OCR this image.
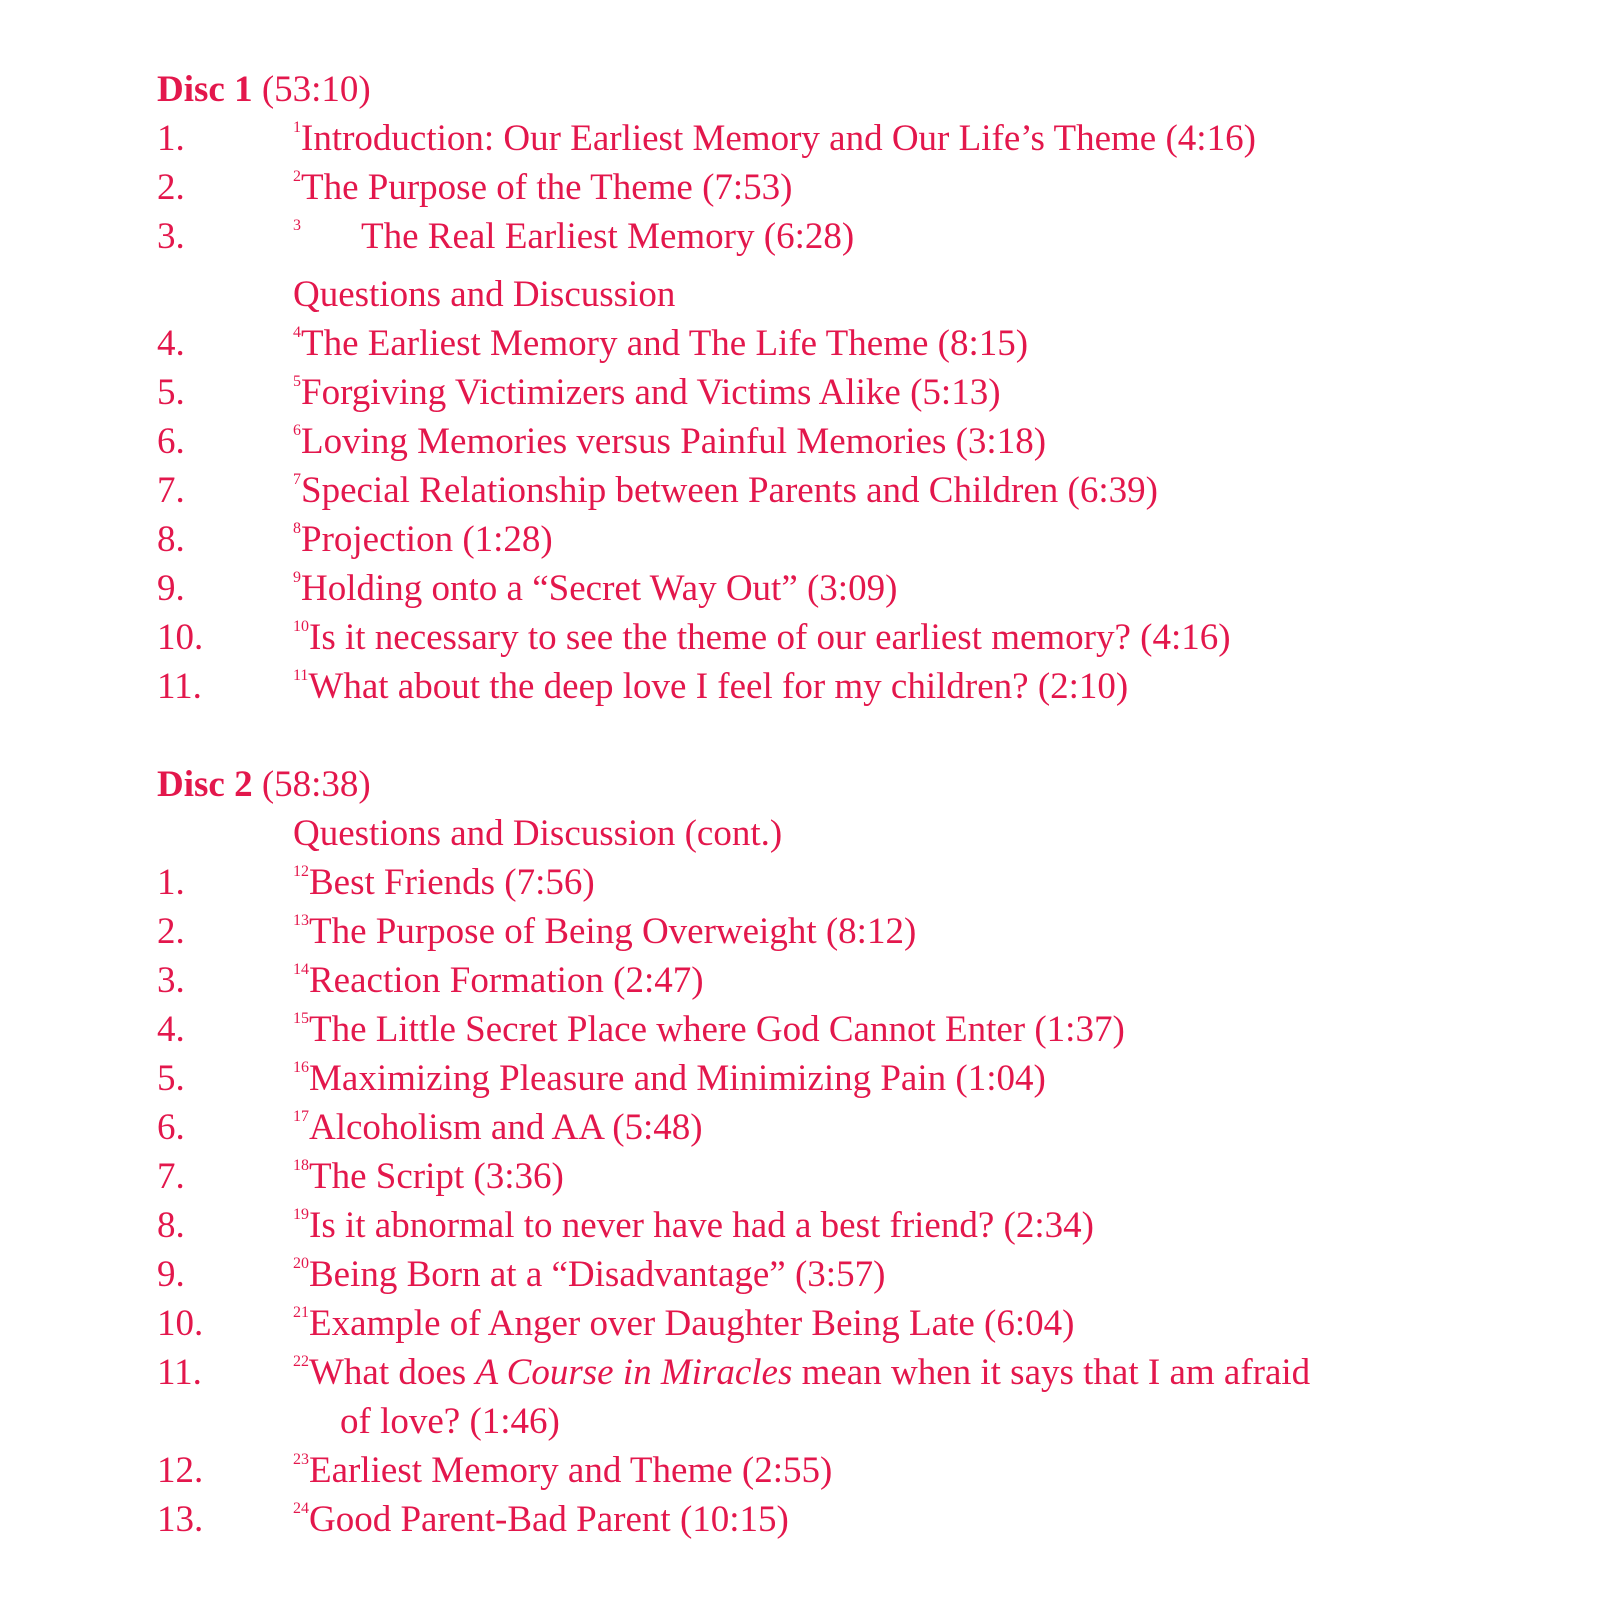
Disc 1 (53:10)
1.	$^1$Introduction: Our Earliest Memory and Our Life’s Theme (4:16)
2.	$^2$The Purpose of the Theme (7:53)
3.	$^3$ The Real Earliest Memory (6:28)
Questions and Discussion
4.	$^4$The Earliest Memory and The Life Theme (8:15)
5.	$^5$Forgiving Victimizers and Victims Alike (5:13)
6.	$^6$Loving Memories versus Painful Memories (3:18)
7.	$^7$Special Relationship between Parents and Children (6:39)
8.	$^8$Projection (1:28)
9.	$^9$Holding onto a “Secret Way Out” (3:09)
10.	$^{10}$Is it necessary to see the theme of our earliest memory? (4:16)
11.	$^{11}$What about the deep love I feel for my children? (2:10)
Disc 2 (58:38)
Questions and Discussion (cont.)
1.	$^{12}$Best Friends (7:56)
2.	$^{13}$The Purpose of Being Overweight (8:12)
3.	$^{14}$Reaction Formation (2:47)
4.	$^{15}$The Little Secret Place where God Cannot Enter (1:37)
5.	$^{16}$Maximizing Pleasure and Minimizing Pain (1:04)
6.	$^{17}$Alcoholism and AA (5:48)
7.	$^{18}$The Script (3:36)
8.	$^{19}$Is it abnormal to never have had a best friend? (2:34)
9.	$^{20}$Being Born at a “Disadvantage” (3:57)
10.	$^{21}$Example of Anger over Daughter Being Late (6:04)
11.	$^{22}$What does A Course in Miracles mean when it says that I am afraid
of love? (1:46)
12.	$^{23}$Earliest Memory and Theme (2:55)
13.	$^{24}$Good Parent-Bad Parent (10:15)
